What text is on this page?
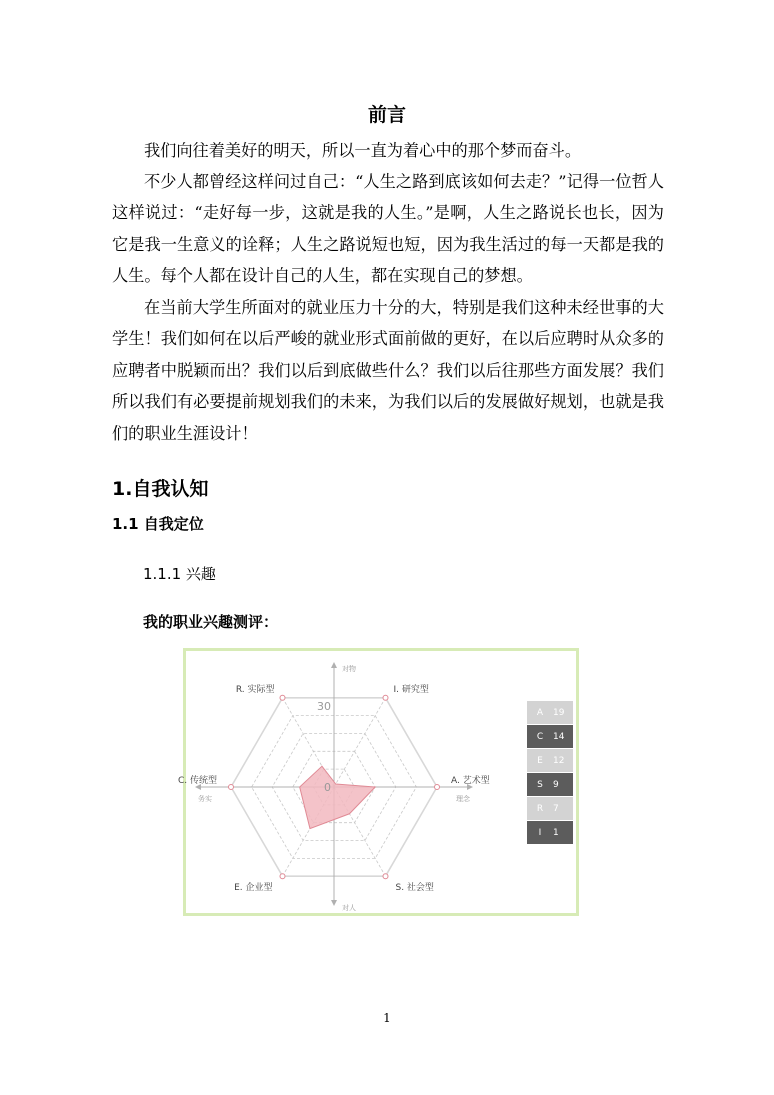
前言

我们向往着美好的明天，所以一直为着心中的那个梦而奋斗。

不少人都曾经这样问过自己：“人生之路到底该如何去走？”记得一位哲人这样说过：“走好每一步，这就是我的人生。”是啊，人生之路说长也长，因为它是我一生意义的诠释；人生之路说短也短，因为我生活过的每一天都是我的人生。每个人都在设计自己的人生，都在实现自己的梦想。

在当前大学生所面对的就业压力十分的大，特别是我们这种未经世事的大学生！我们如何在以后严峻的就业形式面前做的更好，在以后应聘时从众多的应聘者中脱颖而出？我们以后到底做些什么？我们以后往那些方面发展？我们所以我们有必要提前规划我们的未来，为我们以后的发展做好规划，也就是我们的职业生涯设计！

1.自我认知
1.1 自我定位
1.1.1 兴趣
我的职业兴趣测评：
I. 研究型
A. 艺术型
S. 社会型
E. 企业型
C. 传统型
R. 实际型
0
30
对物
对人
务实	理念
A	19
C	14
E	12
S	9
R	7
I	1
1
